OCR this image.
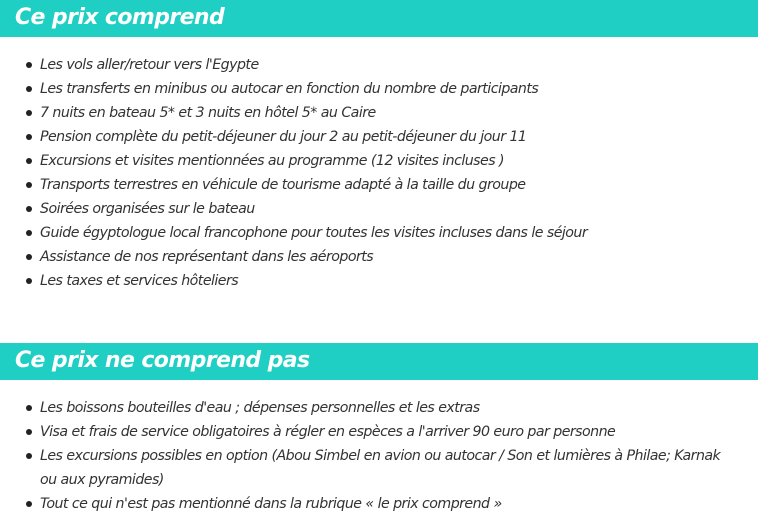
Ce prix comprend
Les vols aller/retour vers l'Egypte
Les transferts en minibus ou autocar en fonction du nombre de participants
7 nuits en bateau 5* et 3 nuits en hôtel 5* au Caire
Pension complète du petit-déjeuner du jour 2 au petit-déjeuner du jour 11
Excursions et visites mentionnées au programme (12 visites incluses )
Transports terrestres en véhicule de tourisme adapté à la taille du groupe
Soirées organisées sur le bateau
Guide égyptologue local francophone pour toutes les visites incluses dans le séjour
Assistance de nos représentant dans les aéroports
Les taxes et services hôteliers
Ce prix ne comprend pas
Les boissons bouteilles d'eau ; dépenses personnelles et les extras
Visa et frais de service obligatoires à régler en espèces a l'arriver 90 euro par personne
Les excursions possibles en option (Abou Simbel en avion ou autocar / Son et lumières à Philae; Karnak ou aux pyramides)
Tout ce qui n'est pas mentionné dans la rubrique « le prix comprend »
